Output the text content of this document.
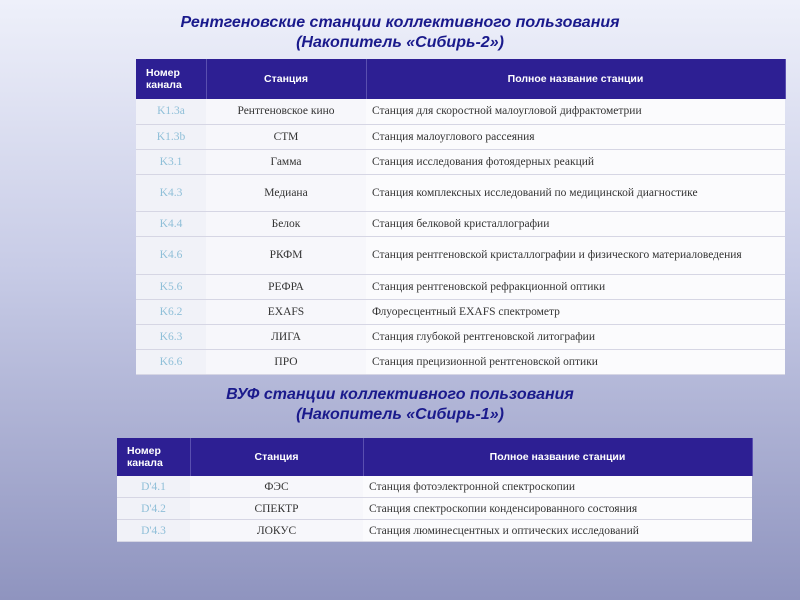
Рентгеновские станции коллективного пользования
(Накопитель «Сибирь-2»)
Номер канала	Станция	Полное название станции
K1.3a	Рентгеновское кино	Станция для скоростной малоугловой дифрактометрии
K1.3b	СТМ	Станция малоуглового рассеяния
K3.1	Гамма	Станция исследования фотоядерных реакций
K4.3	Медиана	Станция комплексных исследований по медицинской диагностике
K4.4	Белок	Станция белковой кристаллографии
K4.6	РКФМ	Станция рентгеновской кристаллографии и физического материаловедения
K5.6	РЕФРА	Станция рентгеновской рефракционной оптики
K6.2	EXAFS	Флуоресцентный EXAFS спектрометр
K6.3	ЛИГА	Станция глубокой рентгеновской литографии
K6.6	ПРО	Станция прецизионной рентгеновской оптики
ВУФ станции коллективного пользования
(Накопитель «Сибирь-1»)
Номер канала	Станция	Полное название станции
D'4.1	ФЭС	Станция фотоэлектронной спектроскопии
D'4.2	СПЕКТР	Станция спектроскопии конденсированного состояния
D'4.3	ЛОКУС	Станция люминесцентных и оптических исследований
